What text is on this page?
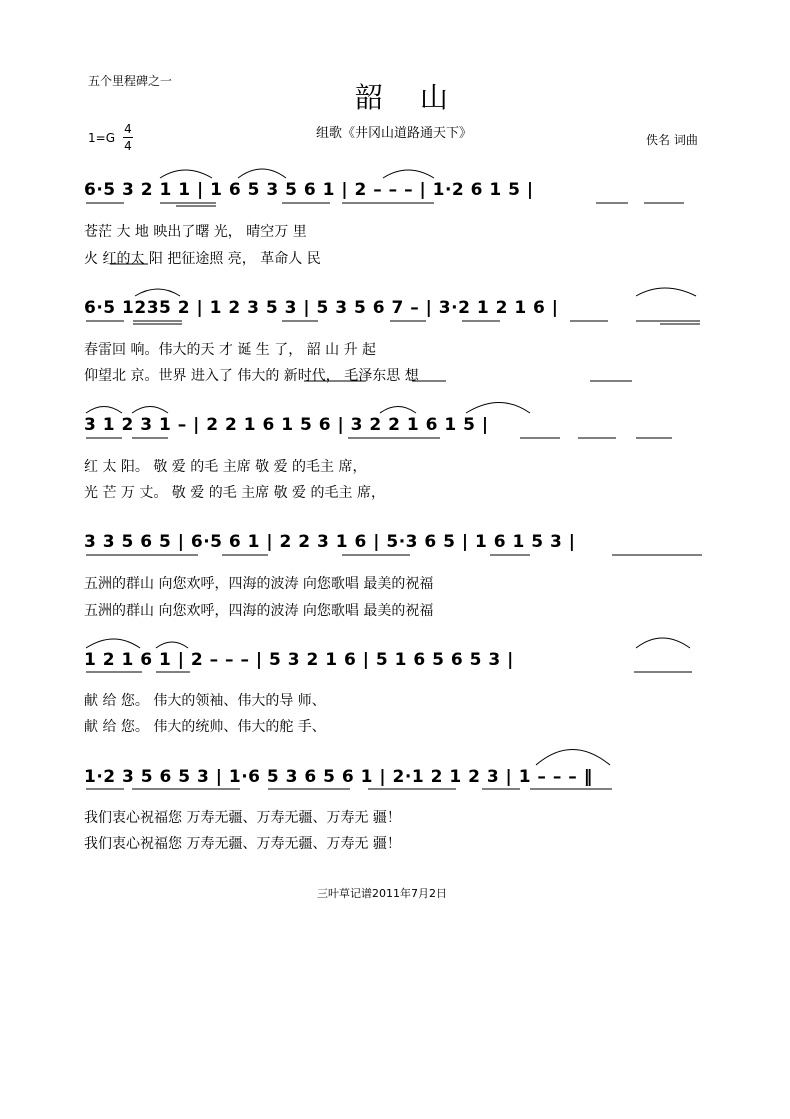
五个里程碑之一	韶 山
组歌《井冈山道路通天下》
1=G
4
4	佚名 词曲
6·5 3 2 1 1 | 1 6 5 3 5 6 1 | 2 – – – | 1·2 6 1 5 |
苍茫 大 地 映出了曙 光， 晴空万 里
火 红的太 阳 把征途照 亮， 革命人 民
6·5 1235 2 | 1 2 3 5 3 | 5 3 5 6 7 – | 3·2 1 2 1 6 |
春雷回 响。伟大的天 才 诞 生 了， 韶 山 升 起
仰望北 京。世界 进入了 伟大的 新时代， 毛泽东思 想
3 1 2 3 1 – | 2 2 1 6 1 5 6 | 3 2 2 1 6 1 5 |
红 太 阳。 敬 爱 的毛 主席 敬 爱 的毛主 席，
光 芒 万 丈。 敬 爱 的毛 主席 敬 爱 的毛主 席，
3 3 5 6 5 | 6·5 6 1 | 2 2 3 1 6 | 5·3 6 5 | 1 6 1 5 3 |
五洲的群山 向您欢呼，四海的波涛 向您歌唱 最美的祝福
五洲的群山 向您欢呼，四海的波涛 向您歌唱 最美的祝福
1 2 1 6 1 | 2 – – – | 5 3 2 1 6 | 5 1 6 5 6 5 3 |
献 给 您。 伟大的领袖、伟大的导 师、
献 给 您。 伟大的统帅、伟大的舵 手、
1·2 3 5 6 5 3 | 1·6 5 3 6 5 6 1 | 2·1 2 1 2 3 | 1 – – – ‖
我们衷心祝福您 万寿无疆、万寿无疆、万寿无 疆！
我们衷心祝福您 万寿无疆、万寿无疆、万寿无 疆！
三叶草记谱2011年7月2日
